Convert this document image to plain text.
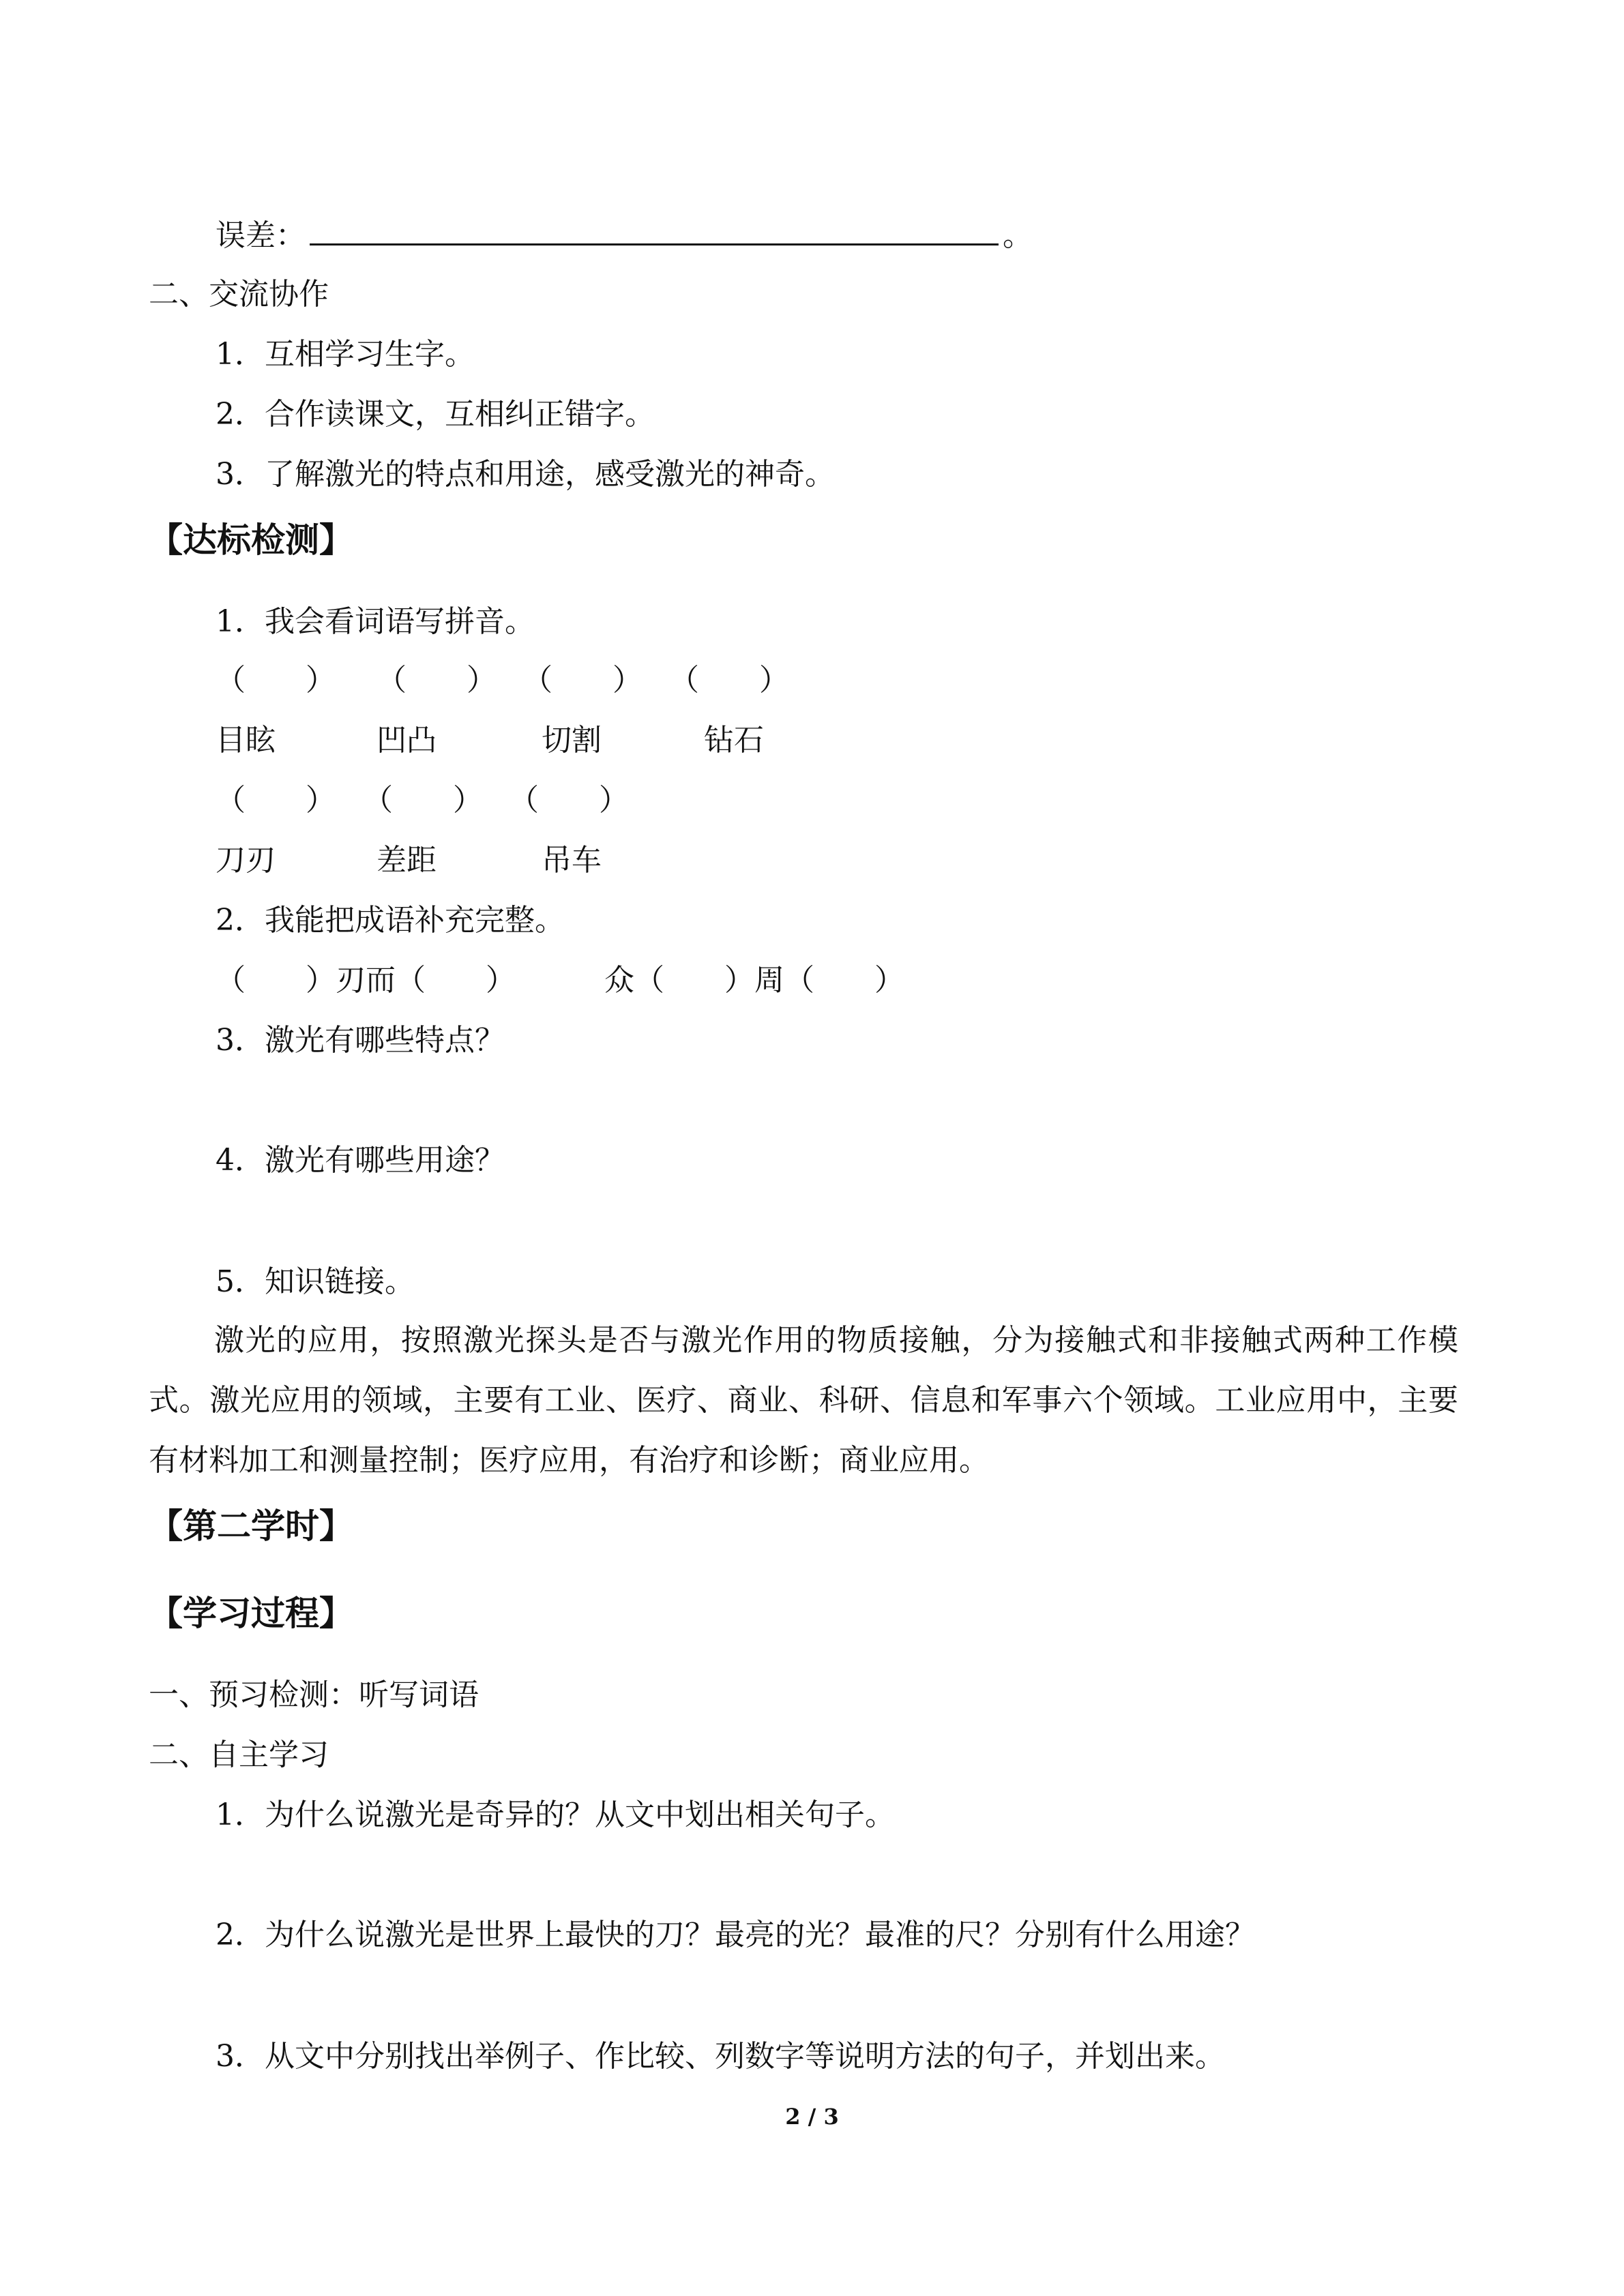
误差：	。
二、交流协作
1．互相学习生字。
2．合作读课文，互相纠正错字。
3．了解激光的特点和用途，感受激光的神奇。
【达标检测】
1．我会看词语写拼音。
（　　） （　　） （　　） （　　）
目眩	凹凸	切割	钻石
（　　） （　　） （　　）
刀刃	差距	吊车
2．我能把成语补充完整。
（　　）刃而（　　）	众（　　）周（　　）
3．激光有哪些特点？
4．激光有哪些用途？
5．知识链接。
激光的应用，按照激光探头是否与激光作用的物质接触，分为接触式和非接触式两种工作模式。激光应用的领域，主要有工业、医疗、商业、科研、信息和军事六个领域。工业应用中，主要有材料加工和测量控制；医疗应用，有治疗和诊断；商业应用。
【第二学时】
【学习过程】
一、预习检测：听写词语
二、自主学习
1．为什么说激光是奇异的？从文中划出相关句子。
2．为什么说激光是世界上最快的刀？最亮的光？最准的尺？分别有什么用途？
3．从文中分别找出举例子、作比较、列数字等说明方法的句子，并划出来。
2 / 3
